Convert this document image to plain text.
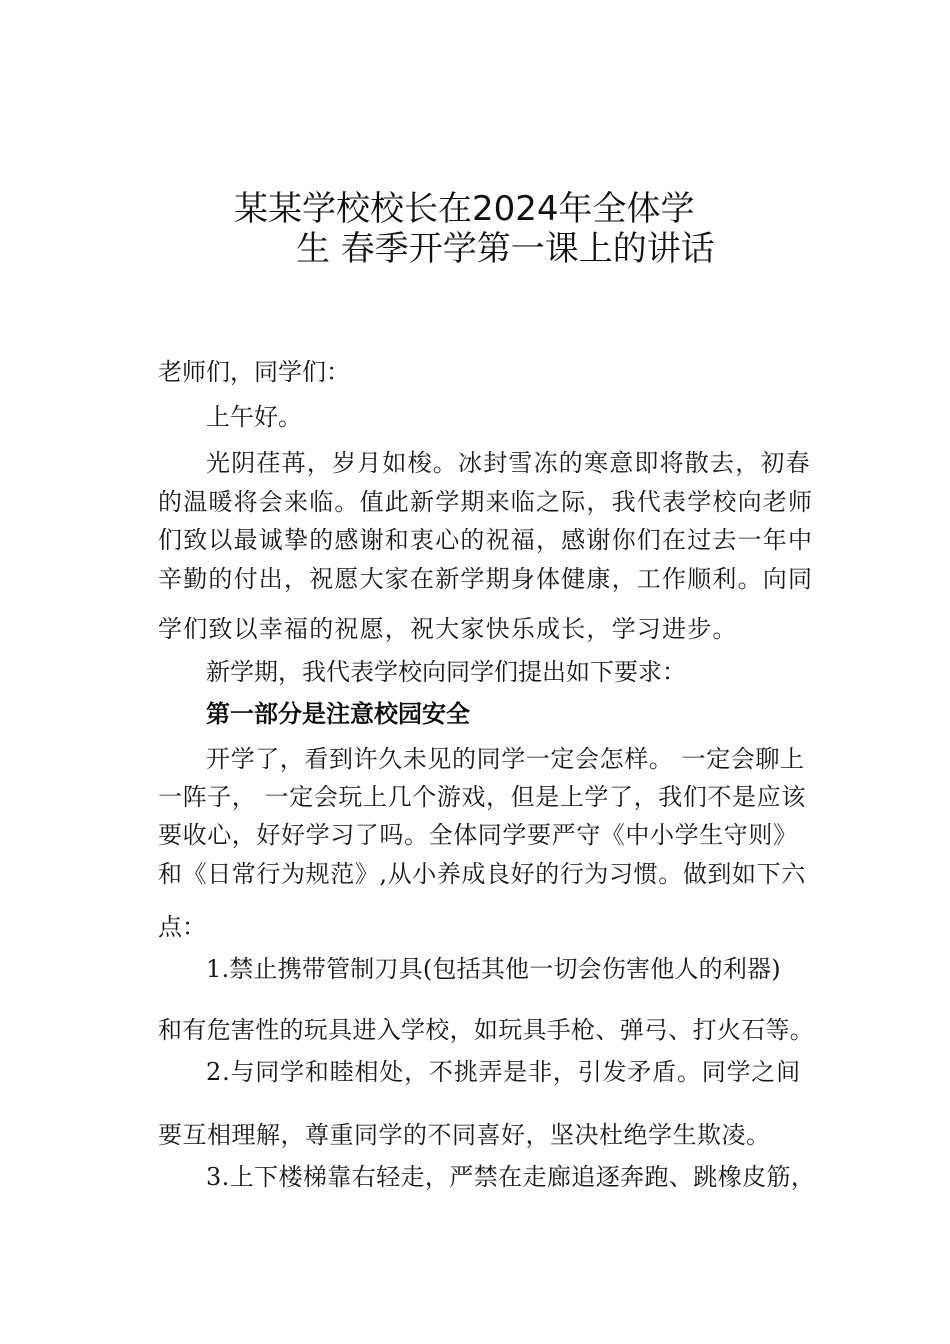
某某学校校长在2024年全体学
生 春季开学第一课上的讲话
老师们，同学们：
上午好。
光阴荏苒，岁月如梭。冰封雪冻的寒意即将散去，初春
的温暖将会来临。值此新学期来临之际，我代表学校向老师
们致以最诚挚的感谢和衷心的祝福，感谢你们在过去一年中
辛勤的付出，祝愿大家在新学期身体健康，工作顺利。向同
学们致以幸福的祝愿，祝大家快乐成长，学习进步。
新学期，我代表学校向同学们提出如下要求：
第一部分是注意校园安全
开学了，看到许久未见的同学一定会怎样。 一定会聊上
一阵子， 一定会玩上几个游戏，但是上学了，我们不是应该
要收心，好好学习了吗。全体同学要严守《中小学生守则》
和《日常行为规范》,从小养成良好的行为习惯。做到如下六
点：
1.禁止携带管制刀具(包括其他一切会伤害他人的利器)
和有危害性的玩具进入学校，如玩具手枪、弹弓、打火石等。
2.与同学和睦相处，不挑弄是非，引发矛盾。同学之间
要互相理解，尊重同学的不同喜好，坚决杜绝学生欺凌。
3.上下楼梯靠右轻走，严禁在走廊追逐奔跑、跳橡皮筋，
